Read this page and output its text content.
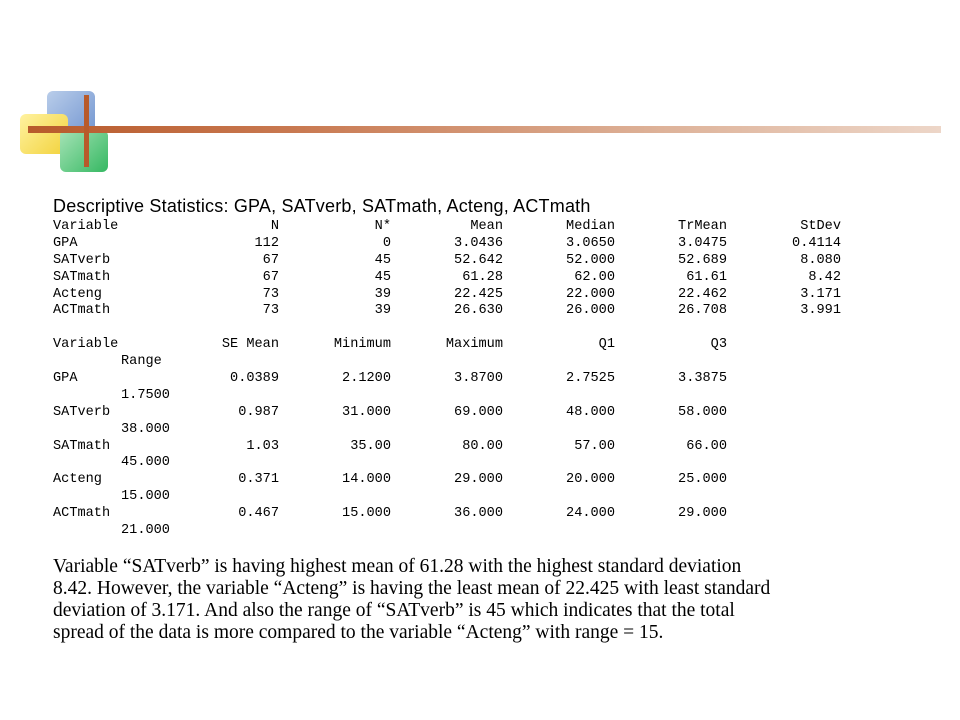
Descriptive Statistics: GPA, SATverb, SATmath, Acteng, ACTmath
Variable	N	N*	Mean	Median	TrMean	StDev
GPA	112	0	3.0436	3.0650	3.0475	0.4114
SATverb	67	45	52.642	52.000	52.689	8.080
SATmath	67	45	61.28	62.00	61.61	8.42
Acteng	73	39	22.425	22.000	22.462	3.171
ACTmath	73	39	26.630	26.000	26.708	3.991
Variable	SE Mean	Minimum	Maximum	Q1	Q3
Range
GPA	0.0389	2.1200	3.8700	2.7525	3.3875
1.7500
SATverb	0.987	31.000	69.000	48.000	58.000
38.000
SATmath	1.03	35.00	80.00	57.00	66.00
45.000
Acteng	0.371	14.000	29.000	20.000	25.000
15.000
ACTmath	0.467	15.000	36.000	24.000	29.000
21.000
Variable “SATverb” is having highest mean of 61.28 with the highest standard deviation
8.42. However, the variable “Acteng” is having the least mean of 22.425 with least standard
deviation of 3.171. And also the range of “SATverb” is 45 which indicates that the total
spread of the data is more compared to the variable “Acteng” with range = 15.
